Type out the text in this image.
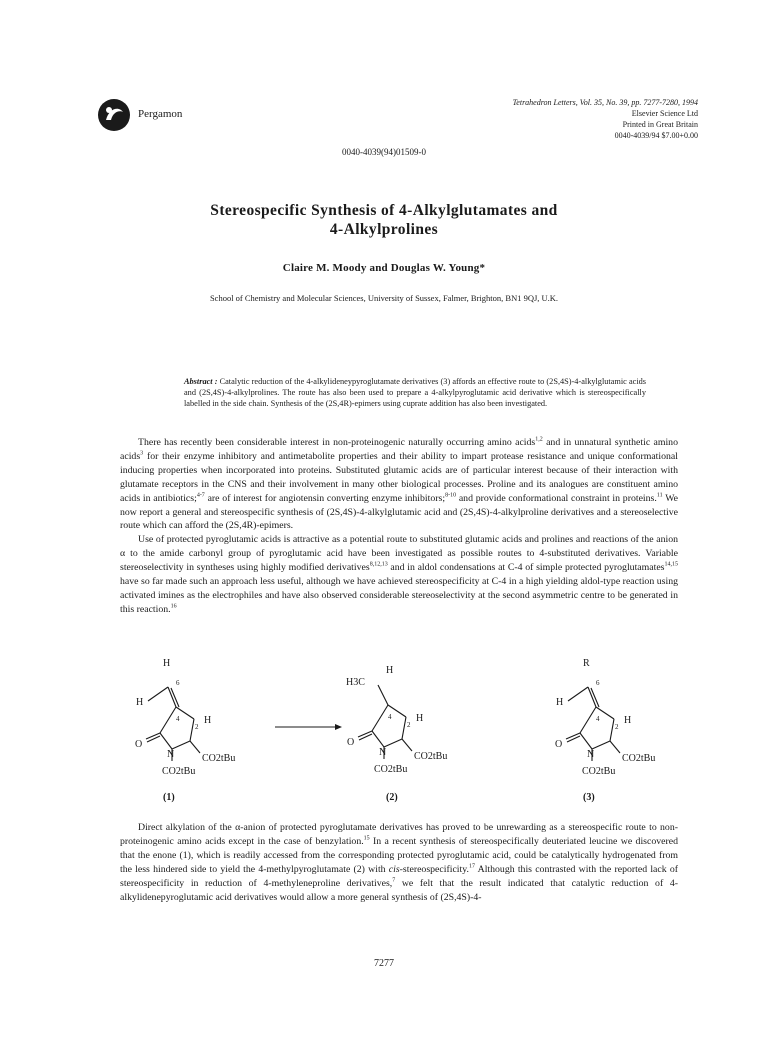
Pergamon
Tetrahedron Letters, Vol. 35, No. 39, pp. 7277-7280, 1994
Elsevier Science Ltd
Printed in Great Britain
0040-4039/94 $7.00+0.00
0040-4039(94)01509-0
Stereospecific Synthesis of 4-Alkylglutamates and
4-Alkylprolines
Claire M. Moody and Douglas W. Young*
School of Chemistry and Molecular Sciences, University of Sussex, Falmer, Brighton, BN1 9QJ, U.K.
Abstract : Catalytic reduction of the 4-alkylideneypyroglutamate derivatives (3) affords an effective route to (2S,4S)-4-alkylglutamic acids and (2S,4S)-4-alkylprolines. The route has also been used to prepare a 4-alkylpyroglutamic acid derivative which is stereospecifically labelled in the side chain. Synthesis of the (2S,4R)-epimers using cuprate addition has also been investigated.

There has recently been considerable interest in non-proteinogenic naturally occurring amino acids$^{1,2}$ and in unnatural synthetic amino acids$^3$ for their enzyme inhibitory and antimetabolite properties and their ability to impart protease resistance and unique conformational inducing properties when incorporated into proteins. Substituted glutamic acids are of particular interest because of their interaction with glutamate receptors in the CNS and their involvement in many other biological processes. Proline and its analogues are constituent amino acids in antibiotics;$^{4-7}$ are of interest for angiotensin converting enzyme inhibitors;$^{8-10}$ and provide conformational constraint in proteins.$^{11}$ We now report a general and stereospecific synthesis of (2S,4S)-4-alkylglutamic acid and (2S,4S)-4-alkylproline derivatives and a stereoselective route which can afford the (2S,4R)-epimers.

Use of protected pyroglutamic acids is attractive as a potential route to substituted glutamic acids and prolines and reactions of the anion α to the amide carbonyl group of pyroglutamic acid have been investigated as possible routes to 4-substituted derivatives. Variable stereoselectivity in syntheses using highly modified derivatives$^{8,12,13}$ and in aldol condensations at C-4 of simple protected pyroglutamates$^{14,15}$ have so far made such an approach less useful, although we have achieved stereospecificity at C-4 in a high yielding aldol-type reaction using activated imines as the electrophiles and have also observed considerable stereoselectivity at the second asymmetric centre to be generated in this reaction.$^{16}$

H
H
6
4
2
H
O
N	CO2tBu
CO2tBu
(1)
H3C
H
4
2
H
O
N	CO2tBu
CO2tBu
(2)
R
H
6
4
2
H
O
N	CO2tBu
CO2tBu
(3)

Direct alkylation of the α-anion of protected pyroglutamate derivatives has proved to be unrewarding as a stereospecific route to non-proteinogenic amino acids except in the case of benzylation.$^{15}$ In a recent synthesis of stereospecifically deuteriated leucine we discovered that the enone (1), which is readily accessed from the corresponding protected pyroglutamic acid, could be catalytically hydrogenated from the less hindered side to yield the 4-methylpyroglutamate (2) with cis-stereospecificity.$^{17}$ Although this contrasted with the reported lack of stereospecificity in reduction of 4-methyleneproline derivatives,$^7$ we felt that the result indicated that catalytic reduction of 4-alkylidenepyroglutamic acid derivatives would allow a more general synthesis of (2S,4S)-4-

7277
